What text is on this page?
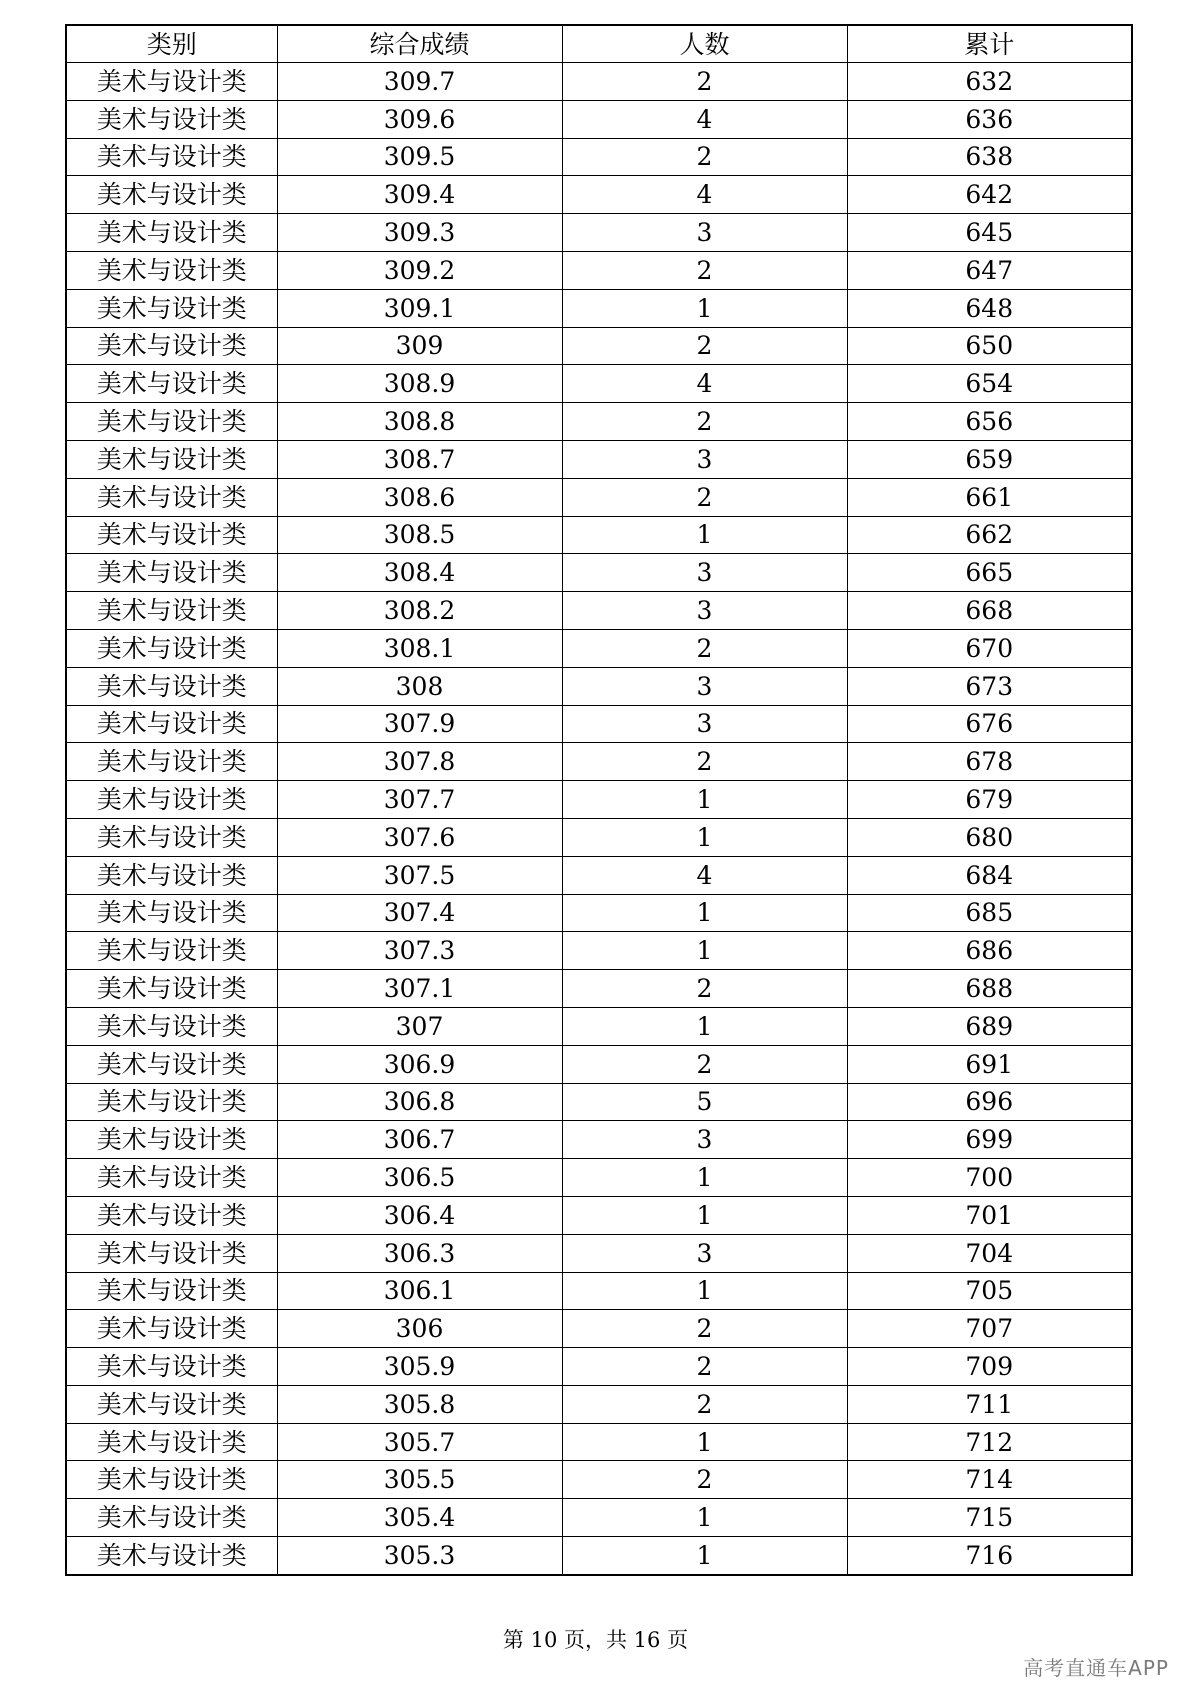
类别	综合成绩	人数	累计
美术与设计类	309.7	2	632
美术与设计类	309.6	4	636
美术与设计类	309.5	2	638
美术与设计类	309.4	4	642
美术与设计类	309.3	3	645
美术与设计类	309.2	2	647
美术与设计类	309.1	1	648
美术与设计类	309	2	650
美术与设计类	308.9	4	654
美术与设计类	308.8	2	656
美术与设计类	308.7	3	659
美术与设计类	308.6	2	661
美术与设计类	308.5	1	662
美术与设计类	308.4	3	665
美术与设计类	308.2	3	668
美术与设计类	308.1	2	670
美术与设计类	308	3	673
美术与设计类	307.9	3	676
美术与设计类	307.8	2	678
美术与设计类	307.7	1	679
美术与设计类	307.6	1	680
美术与设计类	307.5	4	684
美术与设计类	307.4	1	685
美术与设计类	307.3	1	686
美术与设计类	307.1	2	688
美术与设计类	307	1	689
美术与设计类	306.9	2	691
美术与设计类	306.8	5	696
美术与设计类	306.7	3	699
美术与设计类	306.5	1	700
美术与设计类	306.4	1	701
美术与设计类	306.3	3	704
美术与设计类	306.1	1	705
美术与设计类	306	2	707
美术与设计类	305.9	2	709
美术与设计类	305.8	2	711
美术与设计类	305.7	1	712
美术与设计类	305.5	2	714
美术与设计类	305.4	1	715
美术与设计类	305.3	1	716
第 10 页，共 16 页
高考直通车APP
